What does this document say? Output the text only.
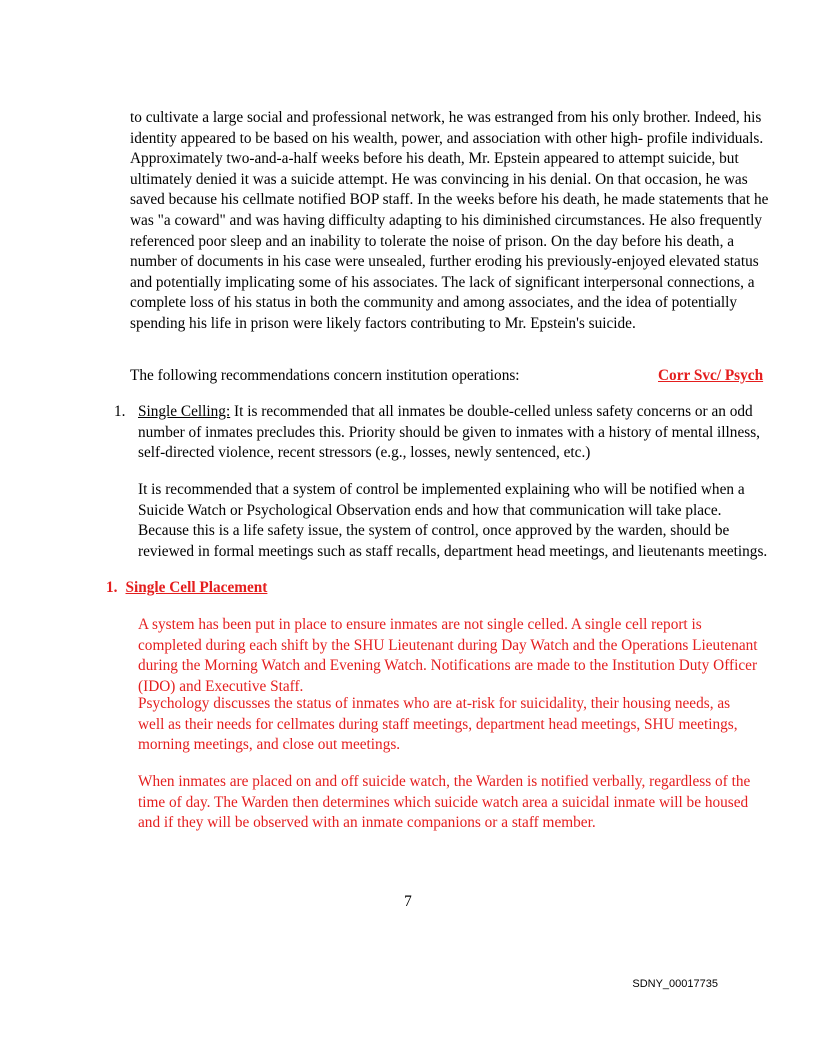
to cultivate a large social and professional network, he was estranged from his only brother. Indeed, his identity appeared to be based on his wealth, power, and association with other high- profile individuals. Approximately two-and-a-half weeks before his death, Mr. Epstein appeared to attempt suicide, but ultimately denied it was a suicide attempt. He was convincing in his denial. On that occasion, he was saved because his cellmate notified BOP staff. In the weeks before his death, he made statements that he was "a coward" and was having difficulty adapting to his diminished circumstances. He also frequently referenced poor sleep and an inability to tolerate the noise of prison. On the day before his death, a number of documents in his case were unsealed, further eroding his previously-enjoyed elevated status and potentially implicating some of his associates. The lack of significant interpersonal connections, a complete loss of his status in both the community and among associates, and the idea of potentially spending his life in prison were likely factors contributing to Mr. Epstein's suicide.

The following recommendations concern institution operations:	Corr Svc/ Psych
1. Single Celling: It is recommended that all inmates be double-celled unless safety concerns or an odd number of inmates precludes this. Priority should be given to inmates with a history of mental illness, self-directed violence, recent stressors (e.g., losses, newly sentenced, etc.)

It is recommended that a system of control be implemented explaining who will be notified when a Suicide Watch or Psychological Observation ends and how that communication will take place. Because this is a life safety issue, the system of control, once approved by the warden, should be reviewed in formal meetings such as staff recalls, department head meetings, and lieutenants meetings.

1. Single Cell Placement

A system has been put in place to ensure inmates are not single celled. A single cell report is completed during each shift by the SHU Lieutenant during Day Watch and the Operations Lieutenant during the Morning Watch and Evening Watch. Notifications are made to the Institution Duty Officer (IDO) and Executive Staff.

Psychology discusses the status of inmates who are at-risk for suicidality, their housing needs, as well as their needs for cellmates during staff meetings, department head meetings, SHU meetings, morning meetings, and close out meetings.

When inmates are placed on and off suicide watch, the Warden is notified verbally, regardless of the time of day. The Warden then determines which suicide watch area a suicidal inmate will be housed and if they will be observed with an inmate companions or a staff member.

7
SDNY_00017735
